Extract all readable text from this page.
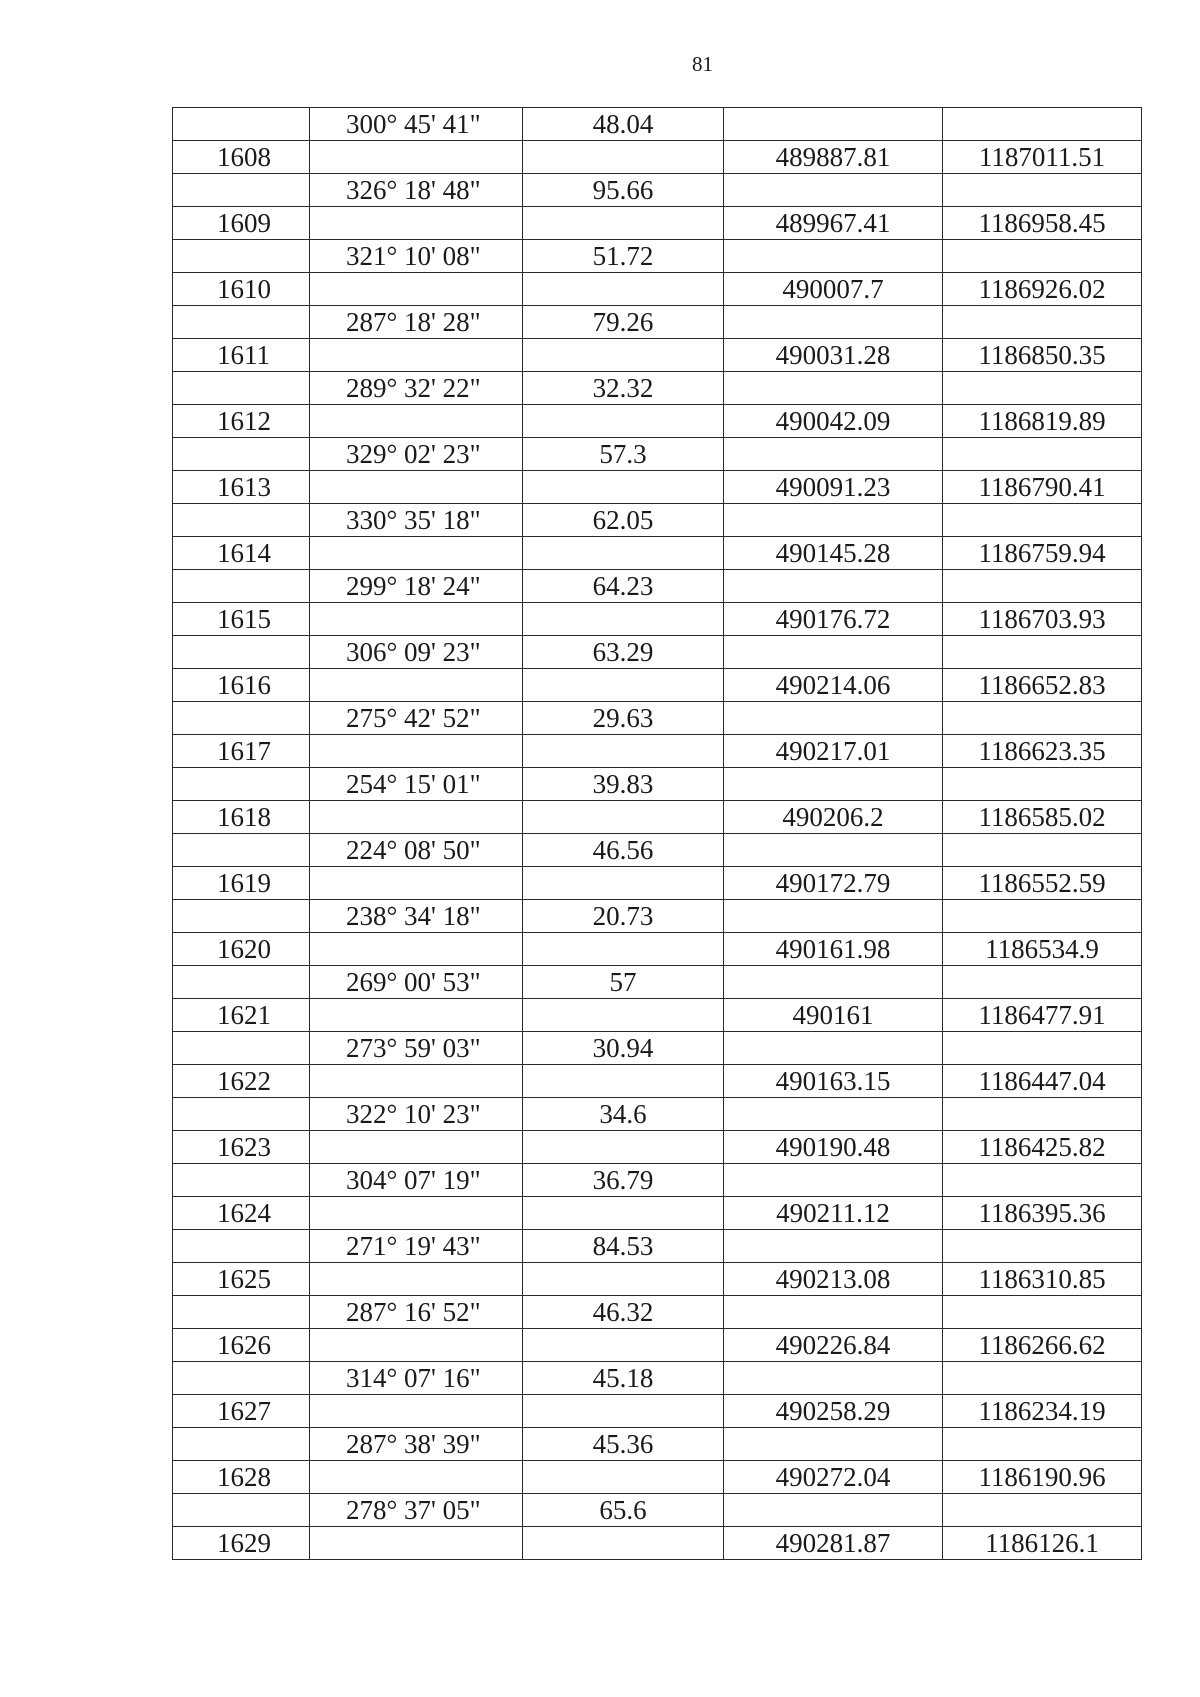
81
	300° 45' 41"	48.04		
1608			489887.81	1187011.51
	326° 18' 48"	95.66		
1609			489967.41	1186958.45
	321° 10' 08"	51.72		
1610			490007.7	1186926.02
	287° 18' 28"	79.26		
1611			490031.28	1186850.35
	289° 32' 22"	32.32		
1612			490042.09	1186819.89
	329° 02' 23"	57.3		
1613			490091.23	1186790.41
	330° 35' 18"	62.05		
1614			490145.28	1186759.94
	299° 18' 24"	64.23		
1615			490176.72	1186703.93
	306° 09' 23"	63.29		
1616			490214.06	1186652.83
	275° 42' 52"	29.63		
1617			490217.01	1186623.35
	254° 15' 01"	39.83		
1618			490206.2	1186585.02
	224° 08' 50"	46.56		
1619			490172.79	1186552.59
	238° 34' 18"	20.73		
1620			490161.98	1186534.9
	269° 00' 53"	57		
1621			490161	1186477.91
	273° 59' 03"	30.94		
1622			490163.15	1186447.04
	322° 10' 23"	34.6		
1623			490190.48	1186425.82
	304° 07' 19"	36.79		
1624			490211.12	1186395.36
	271° 19' 43"	84.53		
1625			490213.08	1186310.85
	287° 16' 52"	46.32		
1626			490226.84	1186266.62
	314° 07' 16"	45.18		
1627			490258.29	1186234.19
	287° 38' 39"	45.36		
1628			490272.04	1186190.96
	278° 37' 05"	65.6		
1629			490281.87	1186126.1
